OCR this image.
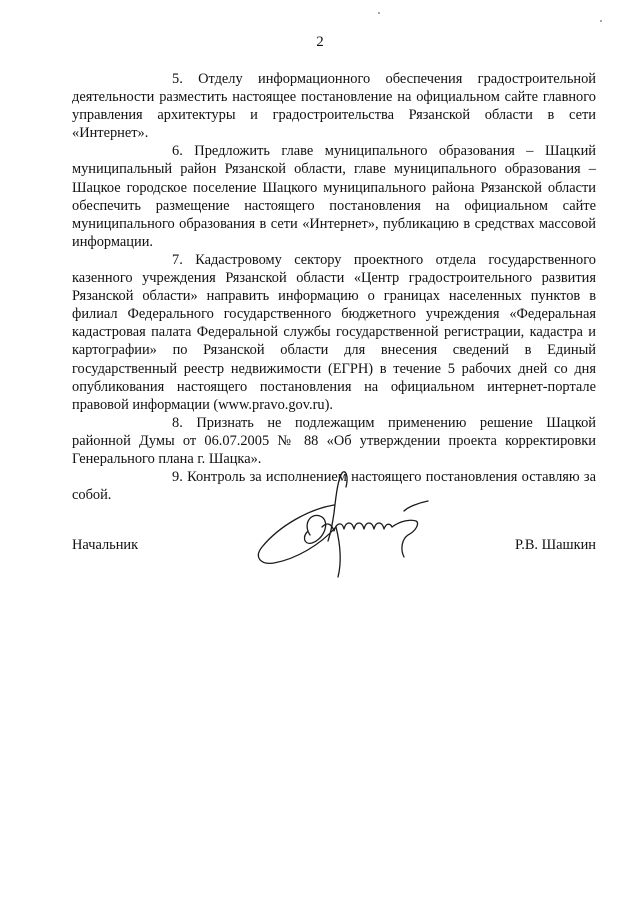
2

5. Отделу информационного обеспечения градостроительной деятельности разместить настоящее постановление на официальном сайте главного управления архитектуры и градостроительства Рязанской области в сети «Интернет».

6. Предложить главе муниципального образования – Шацкий муниципальный район Рязанской области, главе муниципального образования – Шацкое городское поселение Шацкого муниципального района Рязанской области обеспечить размещение настоящего постановления на официальном сайте муниципального образования в сети «Интернет», публикацию в средствах массовой информации.

7. Кадастровому сектору проектного отдела государственного казенного учреждения Рязанской области «Центр градостроительного развития Рязанской области» направить информацию о границах населенных пунктов в филиал Федерального государственного бюджетного учреждения «Федеральная кадастровая палата Федеральной службы государственной регистрации, кадастра и картографии» по Рязанской области для внесения сведений в Единый государственный реестр недвижимости (ЕГРН) в течение 5 рабочих дней со дня опубликования настоящего постановления на официальном интернет-портале правовой информации (www.pravo.gov.ru).

8. Признать не подлежащим применению решение Шацкой районной Думы от 06.07.2005 № 88 «Об утверждении проекта корректировки Генерального плана г. Шацка».

9. Контроль за исполнением настоящего постановления оставляю за собой.

Начальник	Р.В. Шашкин
